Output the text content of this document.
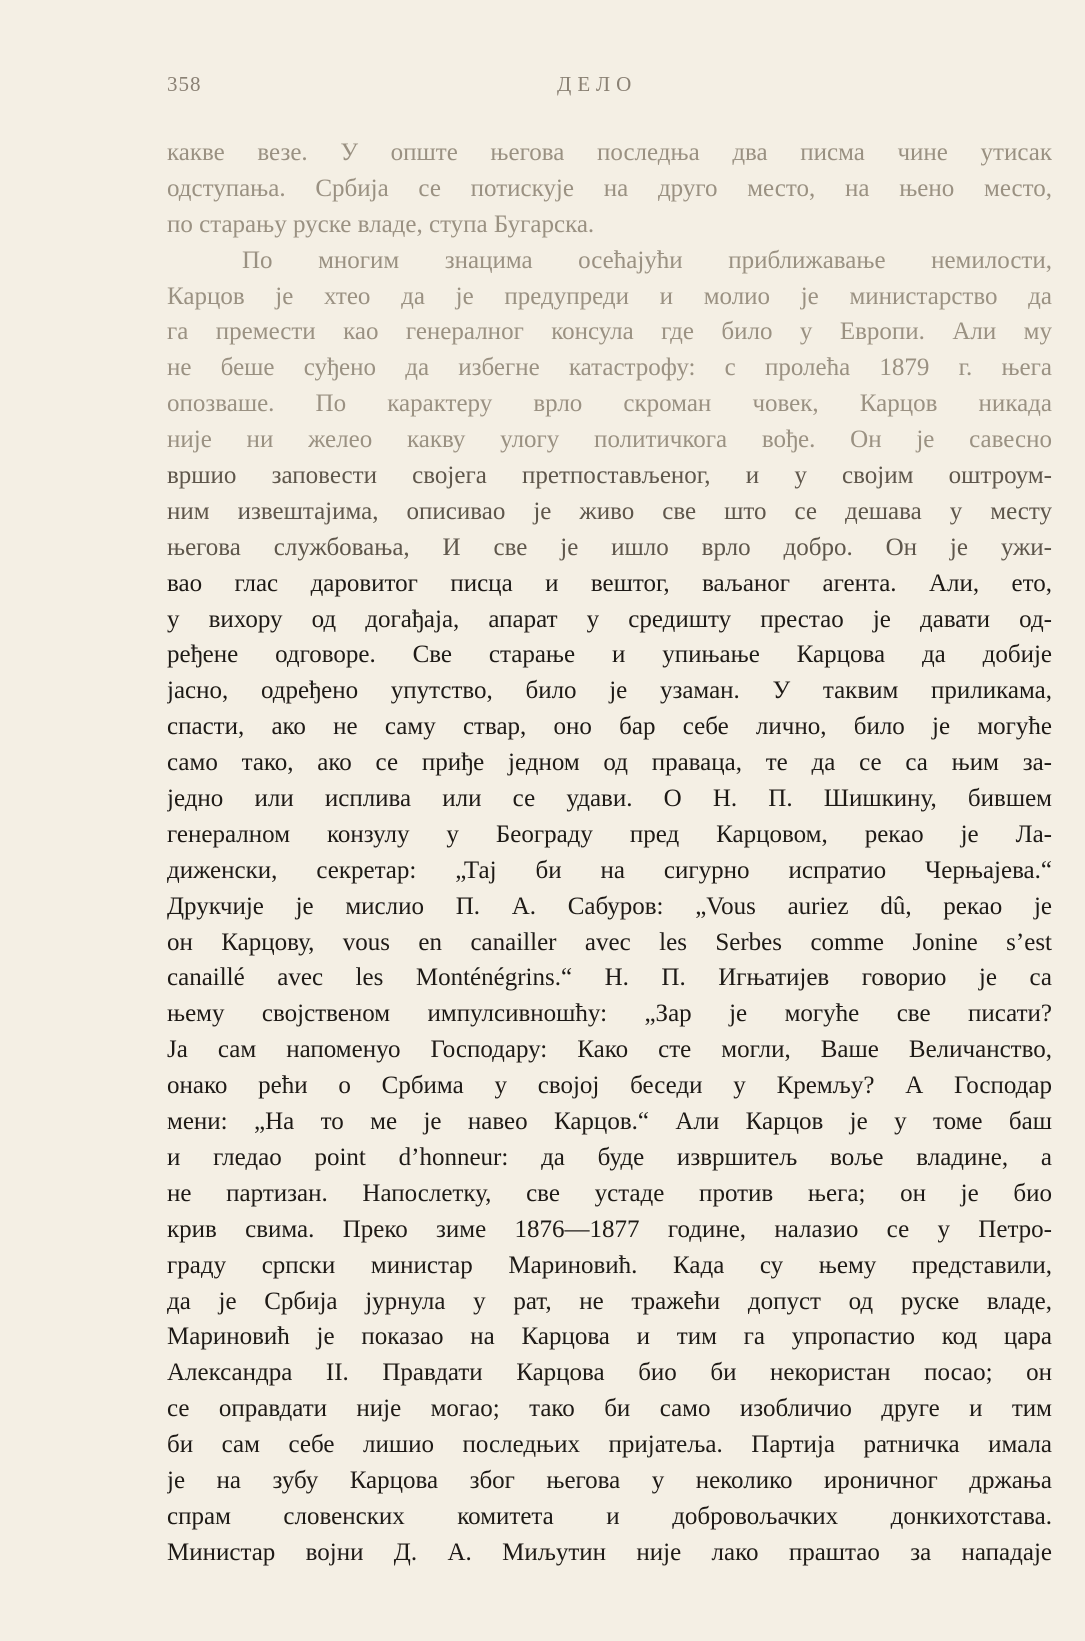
358	ДЕЛО
какве везе. У опште његова последња два писма чине утисак
одступања. Србија се потискује на друго место, на њено место,
по старању руске владе, ступа Бугарска.
По многим знацима осећајући приближавање немилости,
Карцов је хтео да је предупреди и молио је министарство да
га премести као генералног консула где било у Европи. Али му
не беше суђено да избегне катастрофу: с пролећа 1879 г. њега
опозваше. По карактеру врло скроман човек, Карцов никада
није ни желео какву улогу политичкога вође. Он је савесно
вршио заповести својега претпостављеног, и у својим оштроум-
ним извештајима, описивао је живо све што се дешава у месту
његова службовања, И све је ишло врло добро. Он је ужи-
вао глас даровитог писца и вештог, ваљаног агента. Али, ето,
у вихору од догађаја, апарат у средишту престао је давати од-
ређене одговоре. Све старање и упињање Карцова да добије
јасно, одређено упутство, било је узаман. У таквим приликама,
спасти, ако не саму ствар, оно бар себе лично, било је могуће
само тако, ако се приђе једном од праваца, те да се са њим за-
једно или исплива или се удави. О Н. П. Шишкину, бившем
генералном конзулу у Београду пред Карцовом, рекао је Ла-
диженски, секретар: „Тај би на сигурно испратио Черњајева.“
Друкчије је мислио П. А. Сабуров: „Vous auriez dû, рекао је
он Карцову, vous en canailler avec les Serbes comme Jonine s’est
canaillé avec les Monténégrins.“ Н. П. Игњатијев говорио је са
њему својственом импулсивношћу: „Зар је могуће све писати?
Ја сам напоменуо Господару: Како сте могли, Ваше Величанство,
онако рећи о Србима у својој беседи у Кремљу? А Господар
мени: „На то ме је навео Карцов.“ Али Карцов је у томе баш
и гледао point d’honneur: да буде извршитељ воље владине, а
не партизан. Напослетку, све устаде против њега; он је био
крив свима. Преко зиме 1876—1877 године, налазио се у Петро-
граду српски министар Мариновић. Када су њему представили,
да је Србија јурнула у рат, не тражећи допуст од руске владе,
Мариновић је показао на Карцова и тим га упропастио код цара
Александра II. Правдати Карцова био би некористан посао; он
се оправдати није могао; тако би само изобличио друге и тим
би сам себе лишио последњих пријатеља. Партија ратничка имала
је на зубу Карцова због његова у неколико ироничног држања
спрам словенских комитета и добровољачких донкихотстава.
Министар војни Д. А. Миљутин није лако праштао за нападаје
